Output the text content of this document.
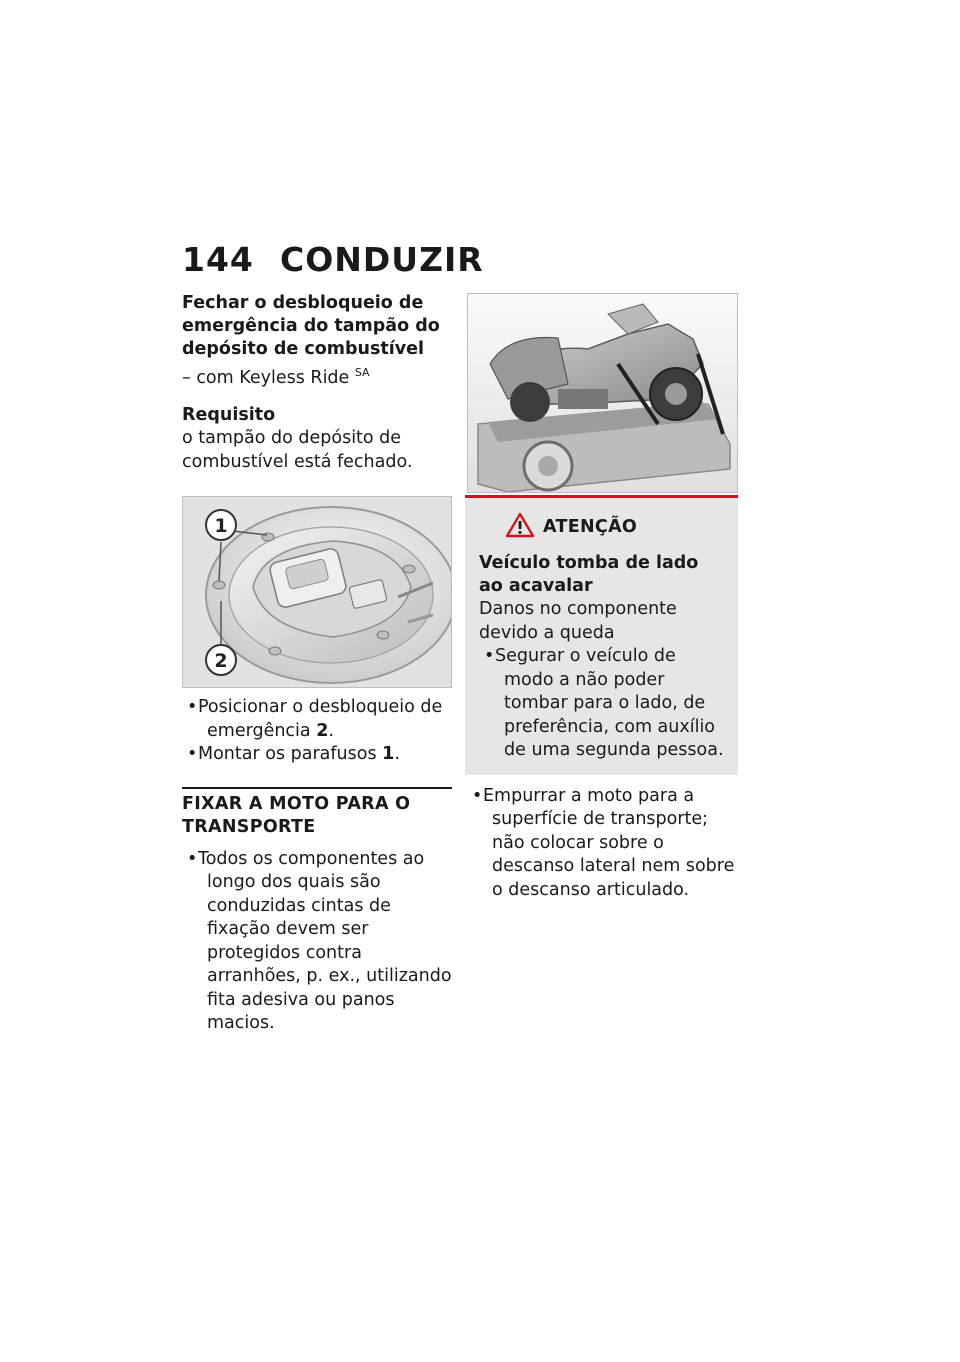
144 CONDUZIR

Fechar o desbloqueio de emergência do tampão do depósito de combustível

– com Keyless Ride $^{SA}$

Requisito

o tampão do depósito de combustível está fechado.

1
2
•Posicionar o desbloqueio de emergência 2.
•Montar os parafusos 1.
FIXAR A MOTO PARA O TRANSPORTE
•Todos os componentes ao longo dos quais são conduzidas cintas de fixação devem ser protegidos contra arranhões, p. ex., utilizando fita adesiva ou panos macios.
ATENÇÃO

Veículo tomba de lado ao acavalar

Danos no componente devido a queda

•Segurar o veículo de modo a não poder tombar para o lado, de preferência, com auxílio de uma segunda pessoa.
•Empurrar a moto para a superfície de transporte; não colocar sobre o descanso lateral nem sobre o descanso articulado.
